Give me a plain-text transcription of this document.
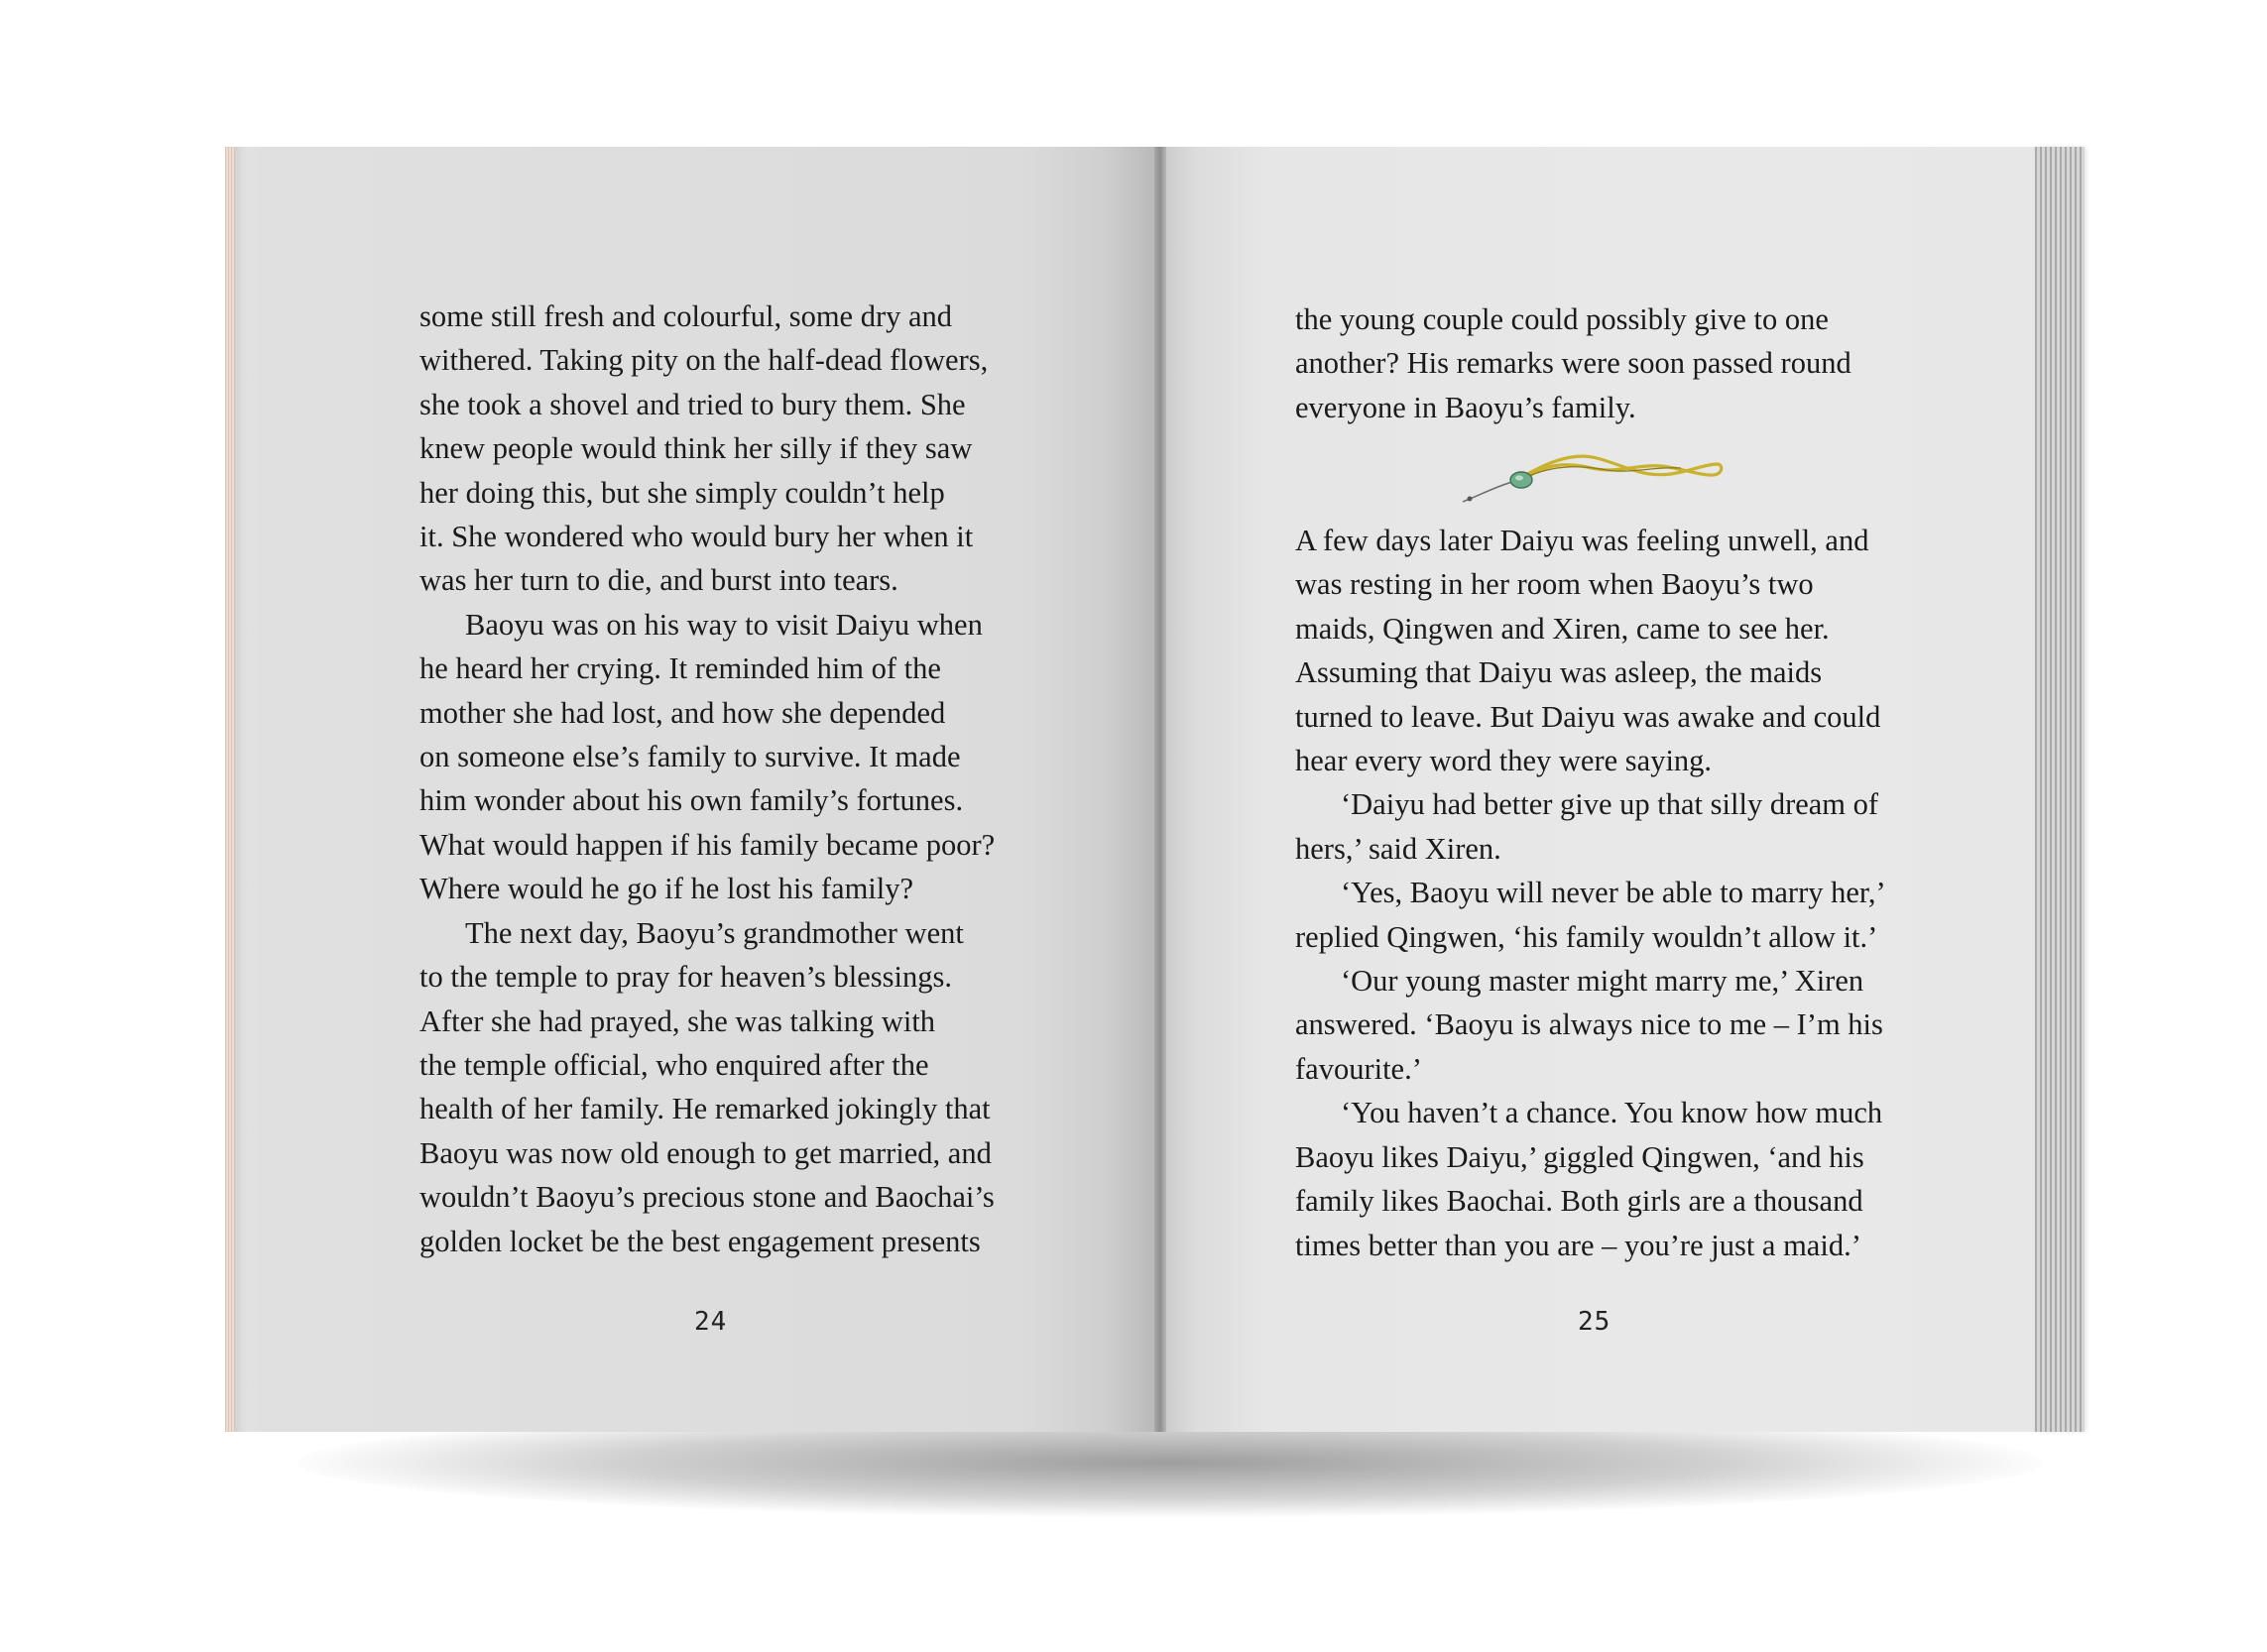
some still fresh and colourful, some dry and
withered. Taking pity on the half-dead flowers,
she took a shovel and tried to bury them. She
knew people would think her silly if they saw
her doing this, but she simply couldn’t help
it. She wondered who would bury her when it
was her turn to die, and burst into tears.
Baoyu was on his way to visit Daiyu when
he heard her crying. It reminded him of the
mother she had lost, and how she depended
on someone else’s family to survive. It made
him wonder about his own family’s fortunes.
What would happen if his family became poor?
Where would he go if he lost his family?
The next day, Baoyu’s grandmother went
to the temple to pray for heaven’s blessings.
After she had prayed, she was talking with
the temple official, who enquired after the
health of her family. He remarked jokingly that
Baoyu was now old enough to get married, and
wouldn’t Baoyu’s precious stone and Baochai’s
golden locket be the best engagement presents
the young couple could possibly give to one
another? His remarks were soon passed round
everyone in Baoyu’s family.
A few days later Daiyu was feeling unwell, and
was resting in her room when Baoyu’s two
maids, Qingwen and Xiren, came to see her.
Assuming that Daiyu was asleep, the maids
turned to leave. But Daiyu was awake and could
hear every word they were saying.
‘Daiyu had better give up that silly dream of
hers,’ said Xiren.
‘Yes, Baoyu will never be able to marry her,’
replied Qingwen, ‘his family wouldn’t allow it.’
‘Our young master might marry me,’ Xiren
answered. ‘Baoyu is always nice to me – I’m his
favourite.’
‘You haven’t a chance. You know how much
Baoyu likes Daiyu,’ giggled Qingwen, ‘and his
family likes Baochai. Both girls are a thousand
times better than you are – you’re just a maid.’
24	25
